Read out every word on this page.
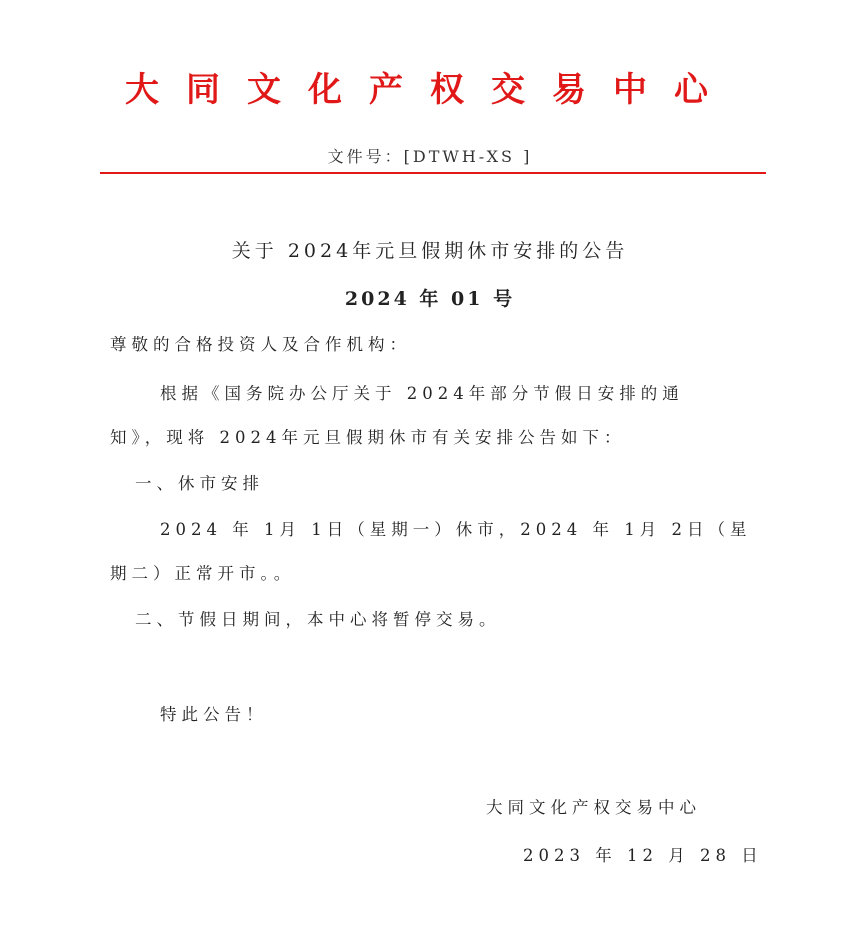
大同文化产权交易中心
文件号：[DTWH-XS ]
关于 2024年元旦假期休市安排的公告
2024 年 01 号
尊敬的合格投资人及合作机构：
根据《国务院办公厅关于 2024年部分节假日安排的通
知》，现将 2024年元旦假期休市有关安排公告如下：
一、休市安排
2024 年 1月 1日（星期一）休市，2024 年 1月 2日（星
期二）正常开市。。
二、节假日期间，本中心将暂停交易。
特此公告！
大同文化产权交易中心
2023 年 12 月 28 日
